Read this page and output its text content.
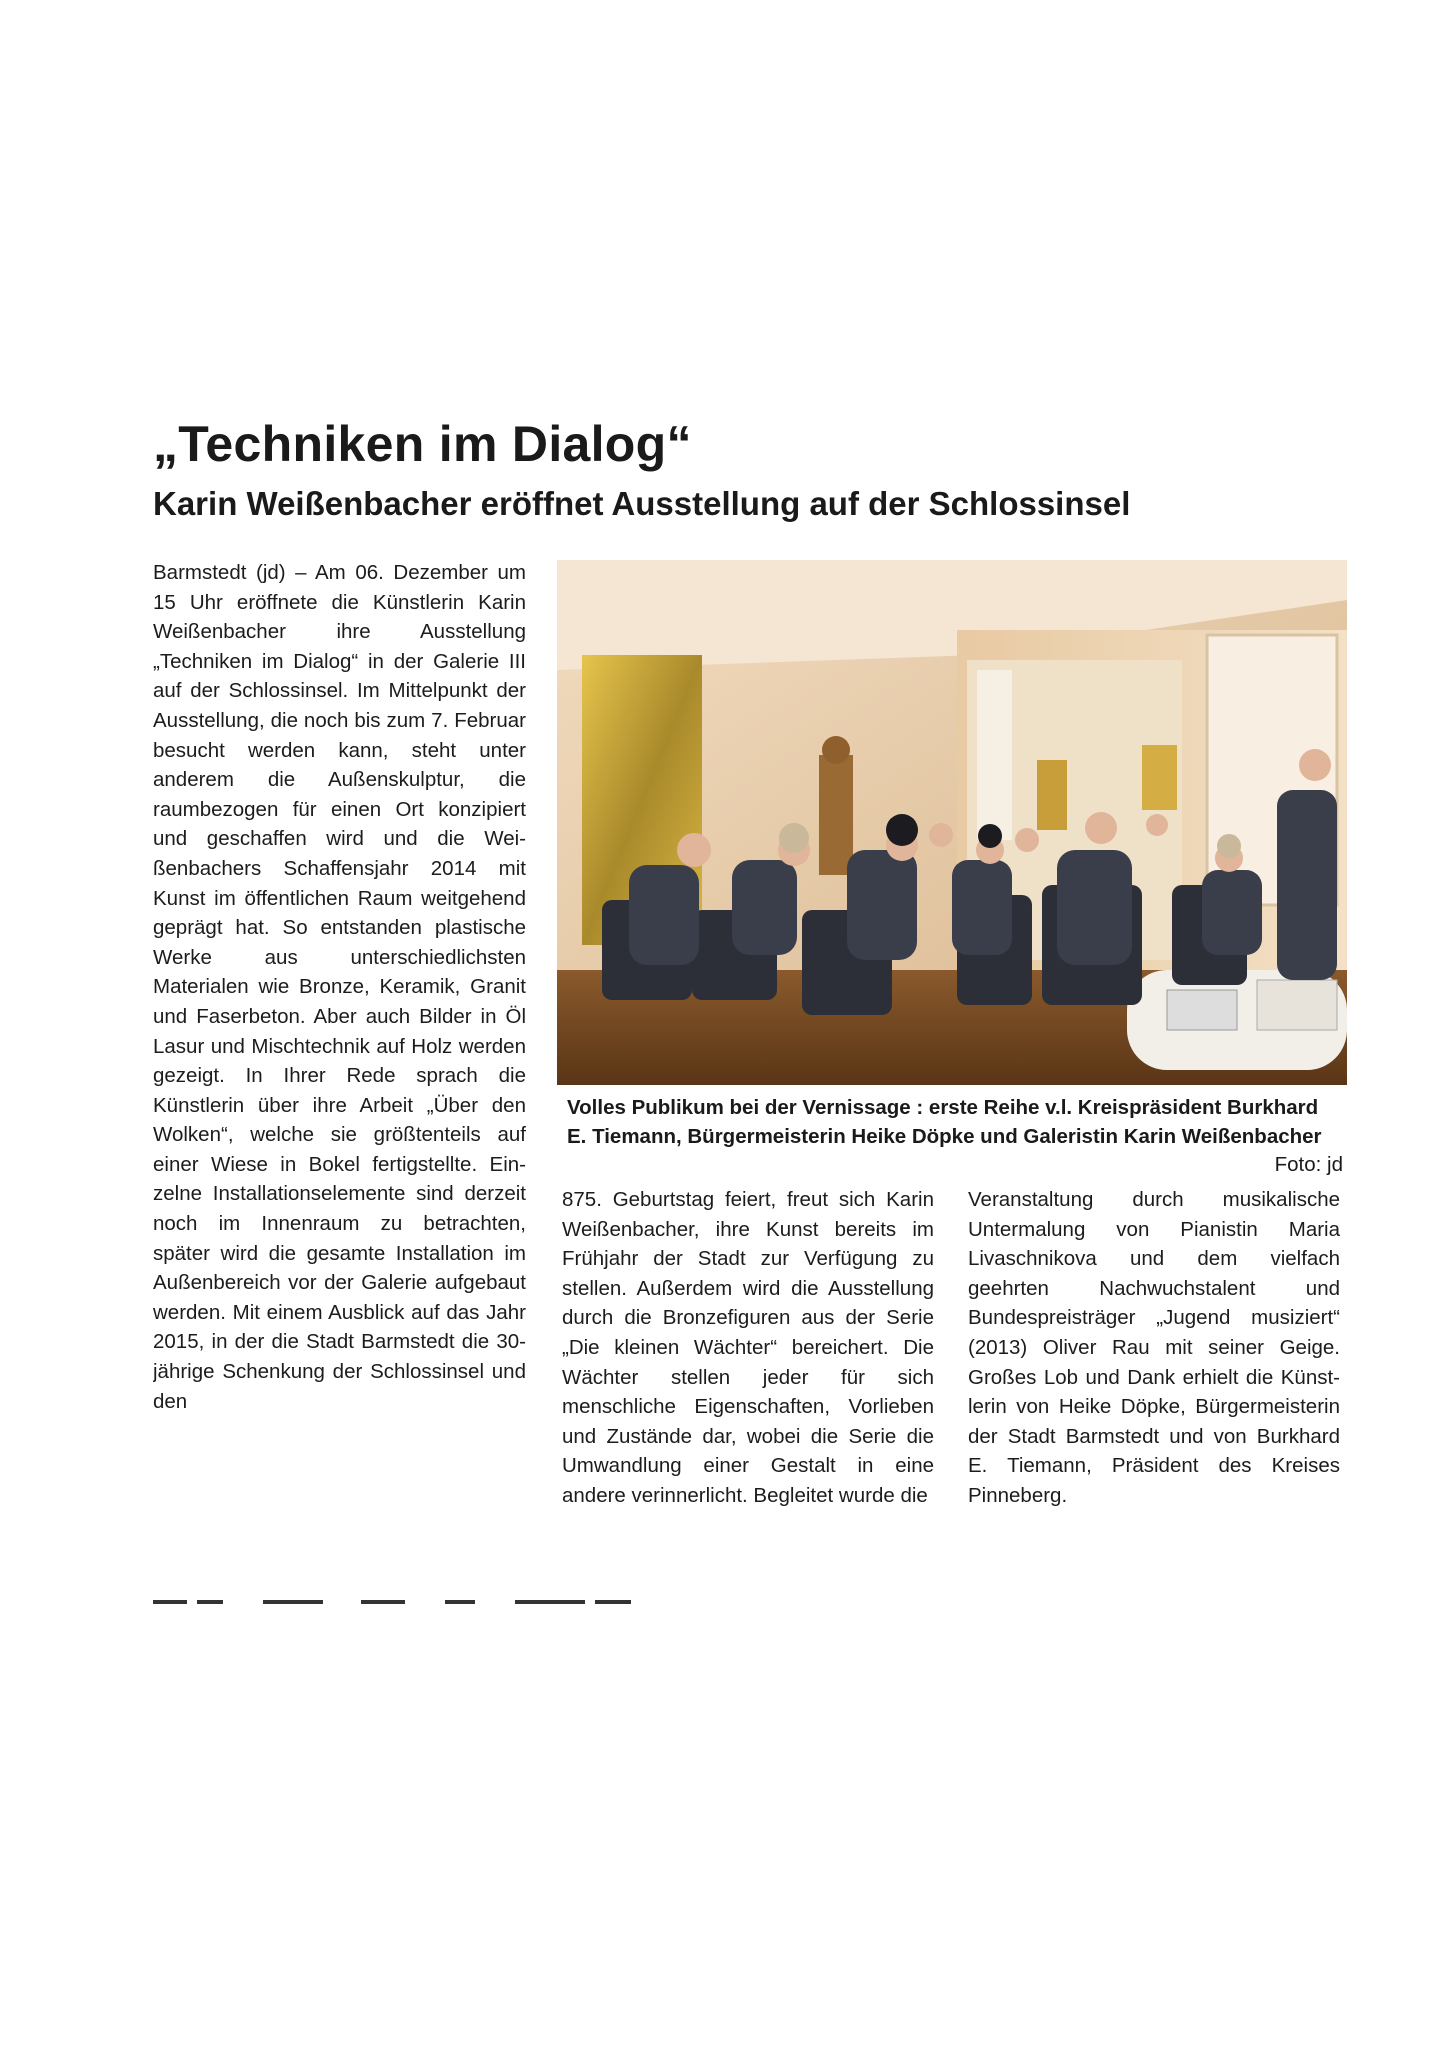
„Techniken im Dialog“
Karin Weißenbacher eröffnet Ausstellung auf der Schlossinsel

Barmstedt (jd) – Am 06. Dezember um 15 Uhr eröffnete die Künstlerin Karin Weißenbacher ihre Ausstellung „Techniken im Dialog“ in der Galerie III auf der Schlossinsel. Im Mittelpunkt der Ausstellung, die noch bis zum 7. Februar besucht werden kann, steht unter anderem die Außenskulptur, die raumbezogen für einen Ort konzipiert und geschaffen wird und die Weißenbachers Schaffensjahr 2014 mit Kunst im öffentlichen Raum weitgehend geprägt hat. So entstanden plastische Werke aus unterschiedlichsten Materialen wie Bronze, Keramik, Granit und Faserbeton. Aber auch Bilder in Öl Lasur und Mischtechnik auf Holz werden gezeigt. In Ihrer Rede sprach die Künstlerin über ihre Arbeit „Über den Wolken“, welche sie größtenteils auf einer Wiese in Bokel fertigstellte. Einzelne Installationselemente sind derzeit noch im Innenraum zu betrachten, später wird die gesamte Installation im Außenbereich vor der Galerie aufgebaut werden. Mit einem Ausblick auf das Jahr 2015, in der die Stadt Barmstedt die 30-jährige Schenkung der Schlossinsel und den

Volles Publikum bei der Vernissage : erste Reihe v.l. Kreispräsident Burkhard E. Tiemann, Bürgermeisterin Heike Döpke und Galeristin Karin Weißenbacher
Foto: jd

875. Geburtstag feiert, freut sich Karin Weißenbacher, ihre Kunst bereits im Frühjahr der Stadt zur Verfügung zu stellen. Außerdem wird die Ausstellung durch die Bronzefiguren aus der Serie „Die kleinen Wächter“ bereichert. Die Wächter stellen jeder für sich menschliche Eigenschaften, Vorlieben und Zustände dar, wobei die Serie die Umwandlung einer Gestalt in eine andere verinnerlicht. Begleitet wurde die

Veranstaltung durch musikalische Untermalung von Pianistin Maria Livaschnikova und dem vielfach geehrten Nachwuchstalent und Bundespreisträger „Jugend musiziert“ (2013) Oliver Rau mit seiner Geige. Großes Lob und Dank erhielt die Künstlerin von Heike Döpke, Bürgermeisterin der Stadt Barmstedt und von Burkhard E. Tiemann, Präsident des Kreises Pinneberg.
